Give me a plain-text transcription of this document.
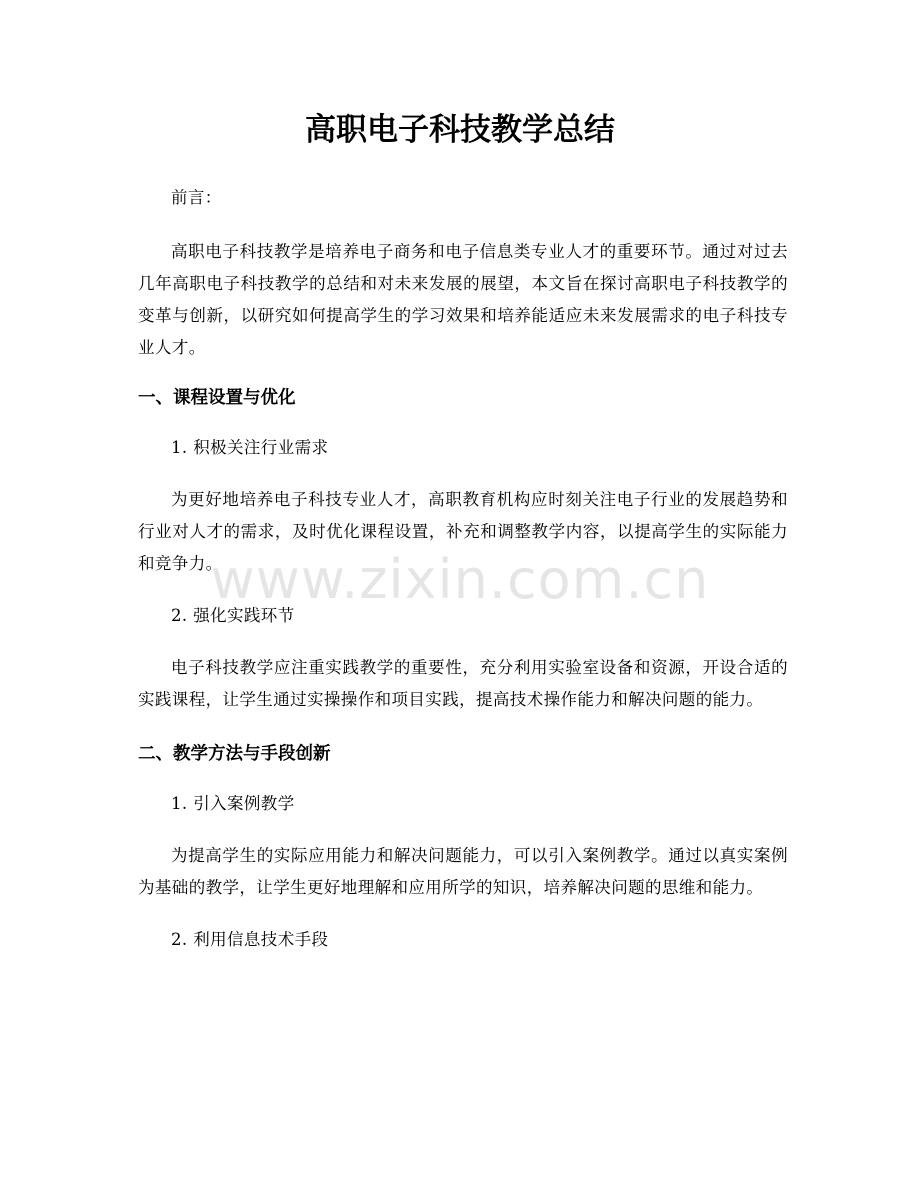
高职电子科技教学总结

前言：

高职电子科技教学是培养电子商务和电子信息类专业人才的重要环节。通过对过去几年高职电子科技教学的总结和对未来发展的展望，本文旨在探讨高职电子科技教学的变革与创新，以研究如何提高学生的学习效果和培养能适应未来发展需求的电子科技专业人才。

一、课程设置与优化

1. 积极关注行业需求

为更好地培养电子科技专业人才，高职教育机构应时刻关注电子行业的发展趋势和行业对人才的需求，及时优化课程设置，补充和调整教学内容，以提高学生的实际能力和竞争力。

2. 强化实践环节

电子科技教学应注重实践教学的重要性，充分利用实验室设备和资源，开设合适的实践课程，让学生通过实操操作和项目实践，提高技术操作能力和解决问题的能力。

二、教学方法与手段创新

1. 引入案例教学

为提高学生的实际应用能力和解决问题能力，可以引入案例教学。通过以真实案例为基础的教学，让学生更好地理解和应用所学的知识，培养解决问题的思维和能力。

2. 利用信息技术手段

www.zixin.com.cn
